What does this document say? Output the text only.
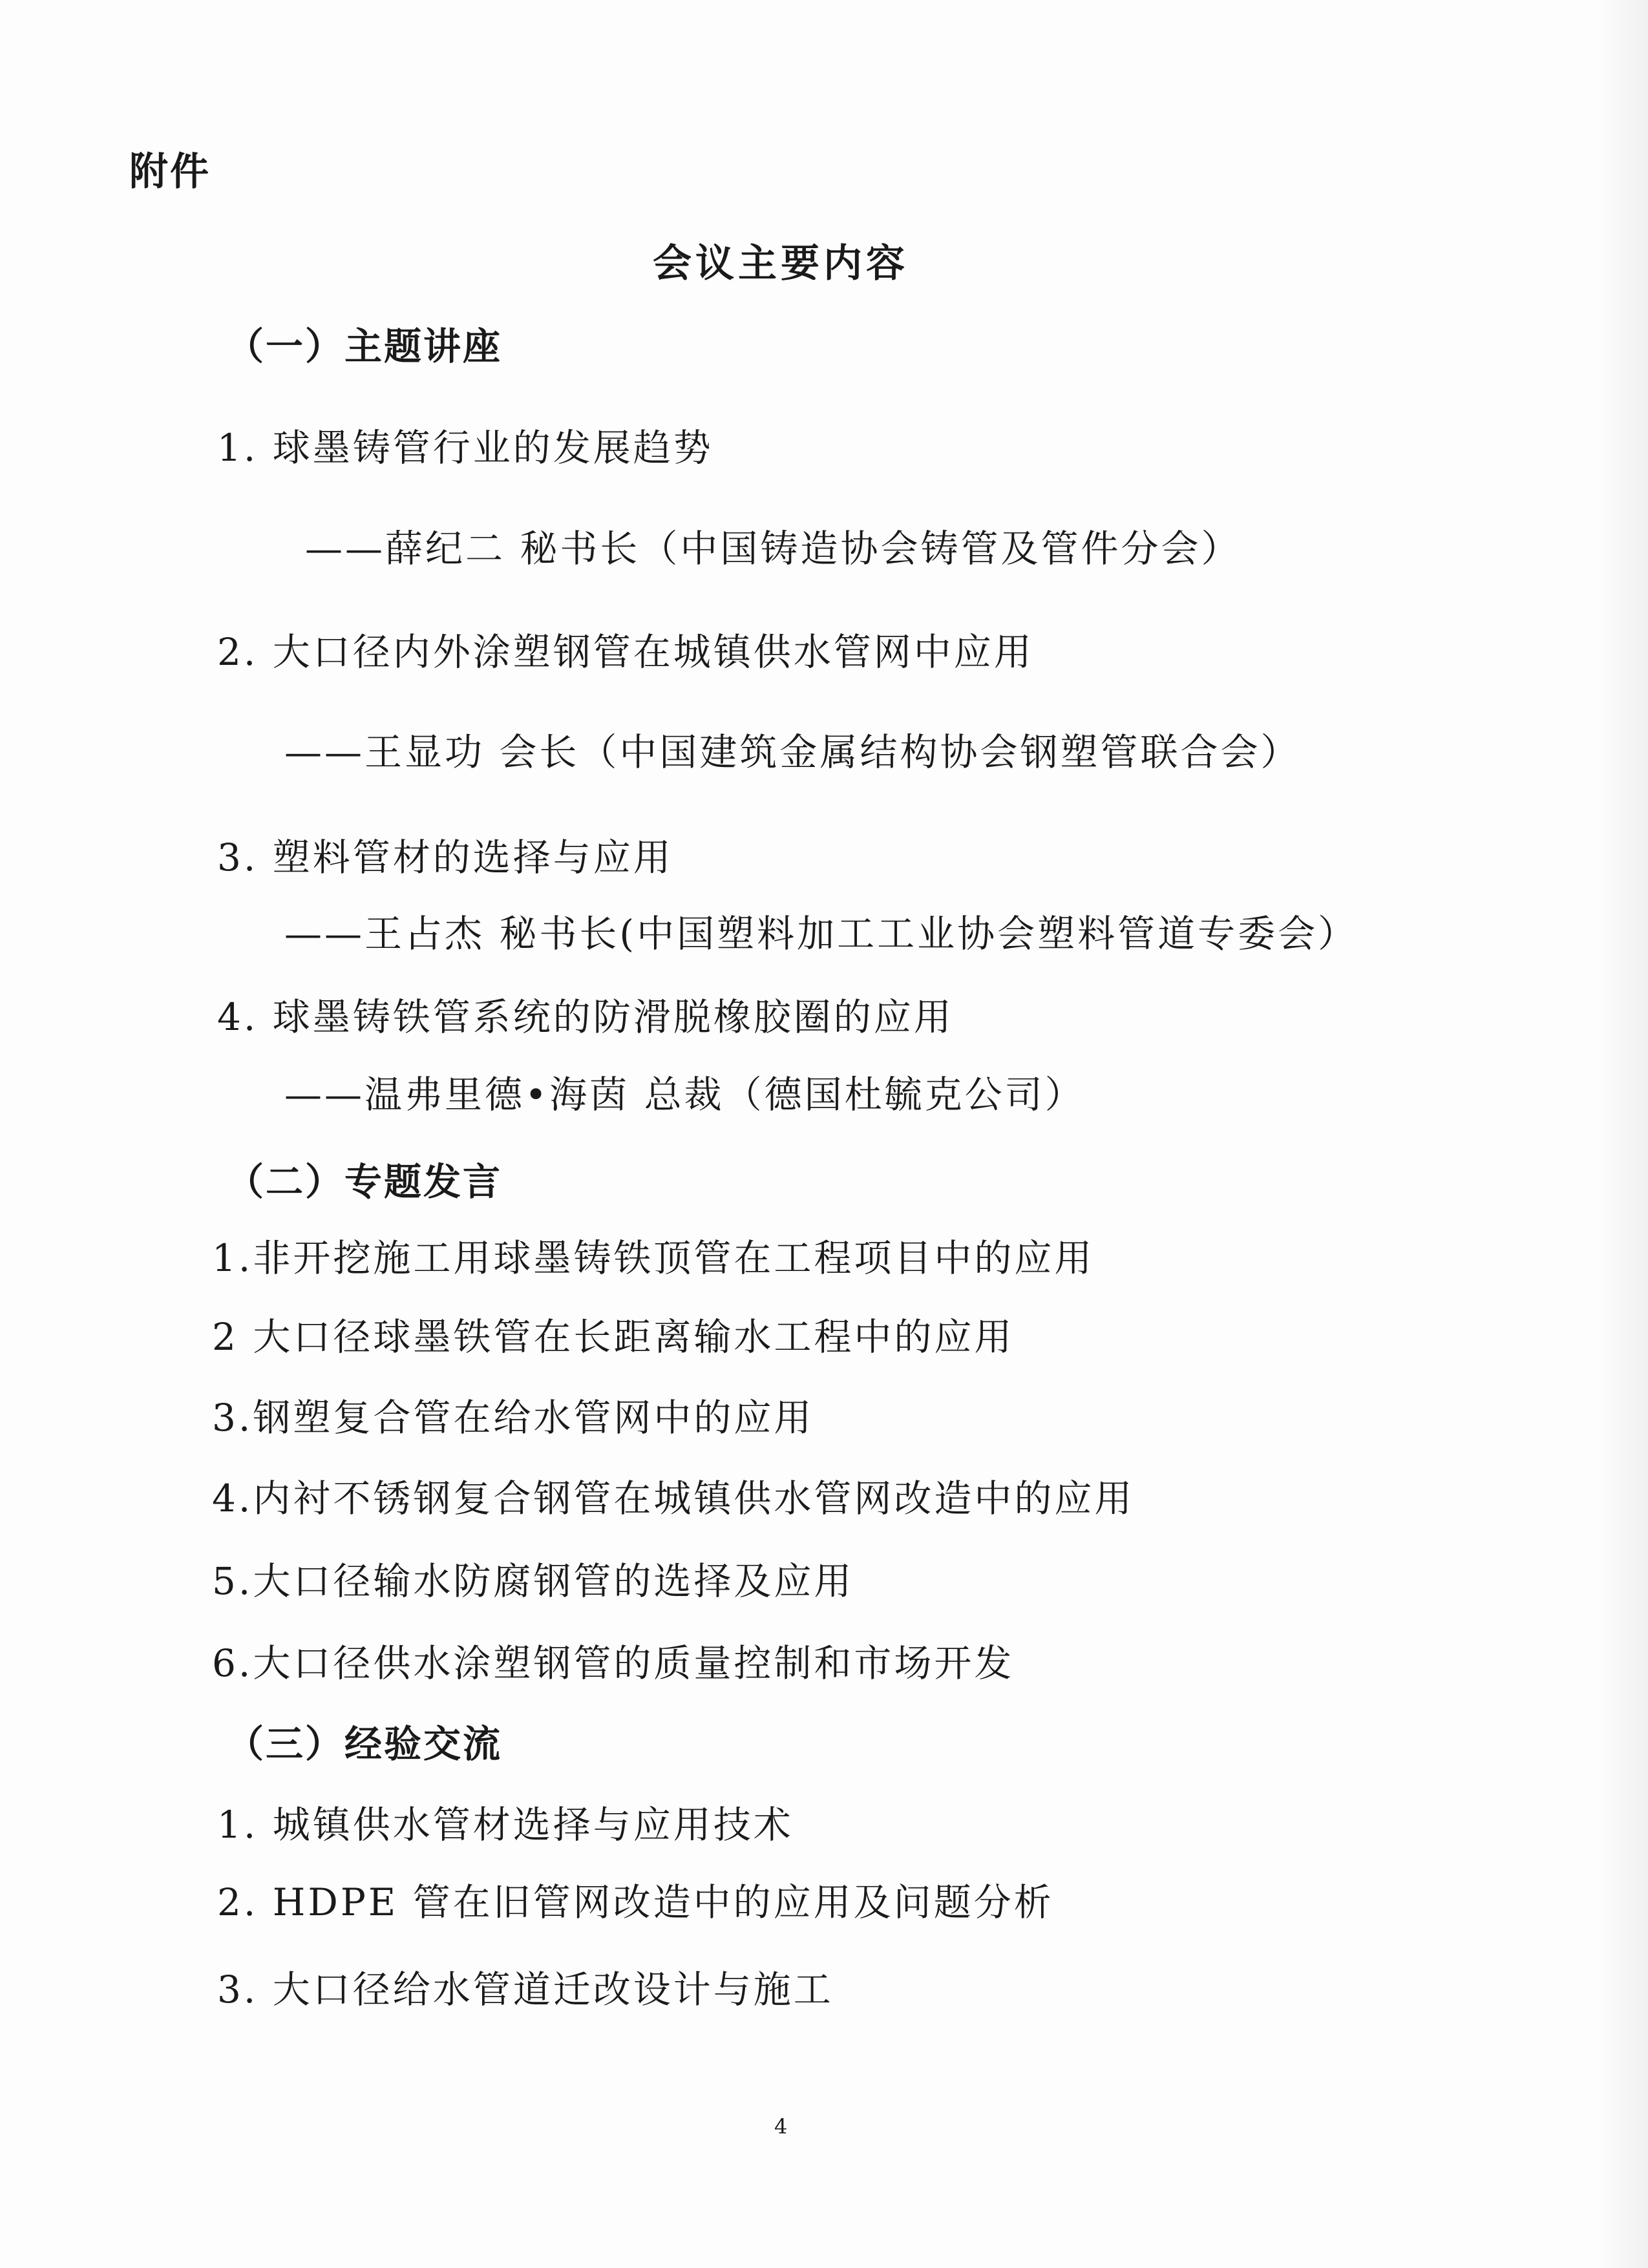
附件
会议主要内容
（一）主题讲座
1. 球墨铸管行业的发展趋势
——薛纪二 秘书长（中国铸造协会铸管及管件分会）
2. 大口径内外涂塑钢管在城镇供水管网中应用
——王显功 会长（中国建筑金属结构协会钢塑管联合会）
3. 塑料管材的选择与应用
——王占杰 秘书长(中国塑料加工工业协会塑料管道专委会）
4. 球墨铸铁管系统的防滑脱橡胶圈的应用
——温弗里德•海茵 总裁（德国杜毓克公司）
（二）专题发言
1.非开挖施工用球墨铸铁顶管在工程项目中的应用
2 大口径球墨铁管在长距离输水工程中的应用
3.钢塑复合管在给水管网中的应用
4.内衬不锈钢复合钢管在城镇供水管网改造中的应用
5.大口径输水防腐钢管的选择及应用
6.大口径供水涂塑钢管的质量控制和市场开发
（三）经验交流
1. 城镇供水管材选择与应用技术
2. HDPE 管在旧管网改造中的应用及问题分析
3. 大口径给水管道迁改设计与施工
4
